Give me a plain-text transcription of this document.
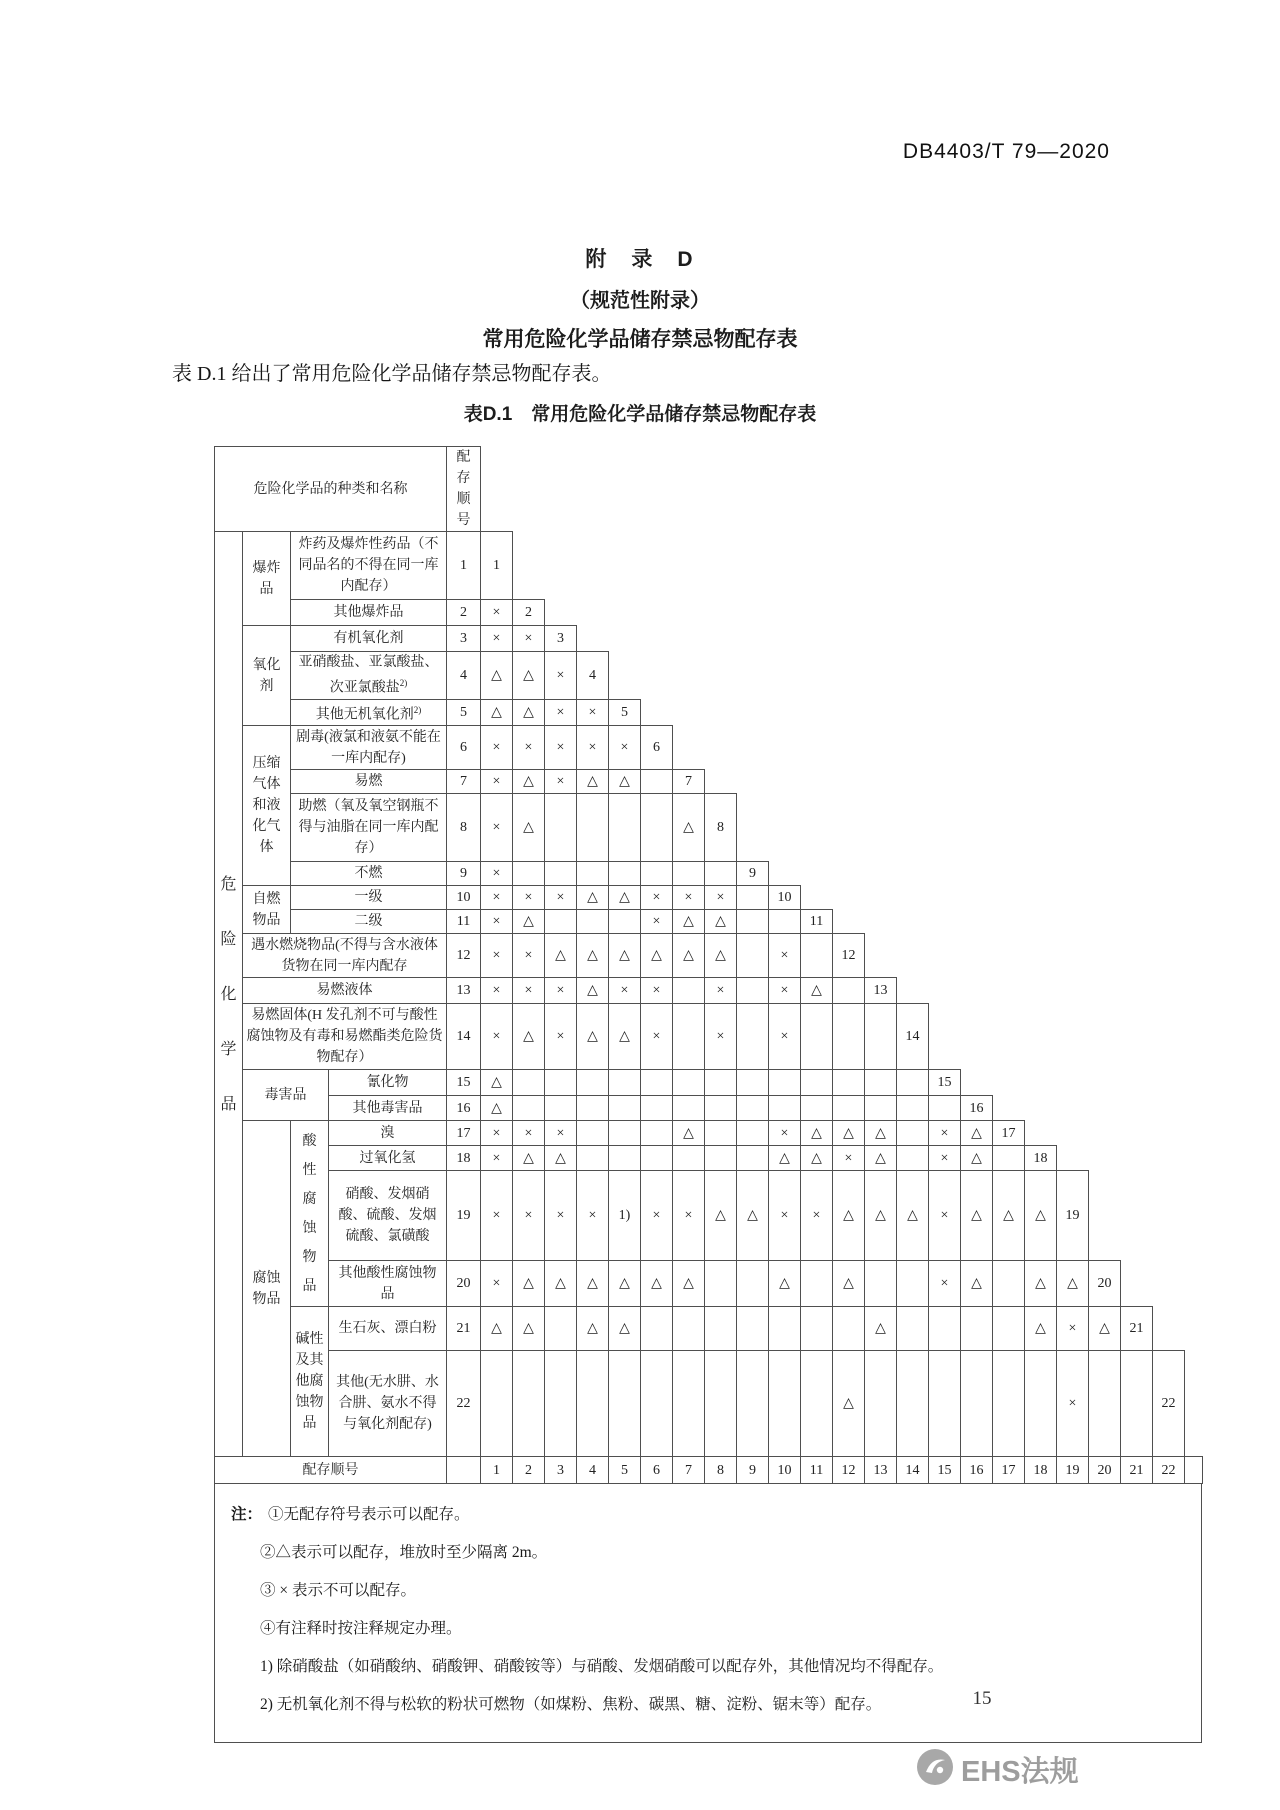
DB4403/T 79—2020
附　录　D
（规范性附录）
常用危险化学品储存禁忌物配存表
表 D.1 给出了常用危险化学品储存禁忌物配存表。
表D.1　常用危险化学品储存禁忌物配存表
危险化学品的种类和名称				配存顺号																							

危
险
化
学
品	爆炸品	炸药及爆炸性药品（不同品名的不得在同一库内配存）		1	1																						
		其他爆炸品		2	×	2																					
	氧化剂	有机氧化剂		3	×	×	3																				
		亚硝酸盐、亚氯酸盐、次亚氯酸盐$^{2)}$		4	△	△	×	4																			
		其他无机氧化剂$^{2)}$		5	△	△	×	×	5																		
	压缩气体和液化气体	剧毒(液氯和液氨不能在一库内配存)		6	×	×	×	×	×	6																	
		易燃		7	×	△	×	△	△		7																
		助燃（氧及氧空钢瓶不得与油脂在同一库内配存）		8	×	△					△	8															
		不燃		9	×								9														
	自燃物品	一级		10	×	×	×	△	△	×	×	×		10													
		二级		11	×	△				×	△	△			11												
	遇水燃烧物品(不得与含水液体货物在同一库内配存			12	×	×	△	△	△	△	△	△		×		12											
	易燃液体			13	×	×	×	△	×	×		×		×	△		13										
	易燃固体(H 发孔剂不可与酸性腐蚀物及有毒和易燃酯类危险货物配存）			14	×	△	×	△	△	×		×		×				14									
	毒害品		氰化物	15	△														15								
			其他毒害品	16	△															16							
	腐蚀物品	酸性腐蚀物品	溴	17	×	×	×				△			×	△	△	△		×	△	17						
			过氧化氢	18	×	△	△							△	△	×	△		×	△		18					
			硝酸、发烟硝酸、硫酸、发烟硫酸、氯磺酸	19	×	×	×	×	1)	×	×	△	△	×	×	△	△	△	×	△	△	△	19				
			其他酸性腐蚀物品	20	×	△	△	△	△	△	△			△		△			×	△		△	△	20			
		碱性及其他腐蚀物品	生石灰、漂白粉	21	△	△		△	△								△					△	×	△	21		
			其他(无水肼、水合肼、氨水不得与氧化剂配存)	22												△							×			22	
配存顺号					1	2	3	4	5	6	7	8	9	10	11	12	13	14	15	16	17	18	19	20	21	22	
注： ①无配存符号表示可以配存。
②△表示可以配存，堆放时至少隔离 2m。
③ × 表示不可以配存。
④有注释时按注释规定办理。
1) 除硝酸盐（如硝酸纳、硝酸钾、硝酸铵等）与硝酸、发烟硝酸可以配存外，其他情况均不得配存。
2) 无机氧化剂不得与松软的粉状可燃物（如煤粉、焦粉、碳黑、糖、淀粉、锯末等）配存。	15
EHS法规
